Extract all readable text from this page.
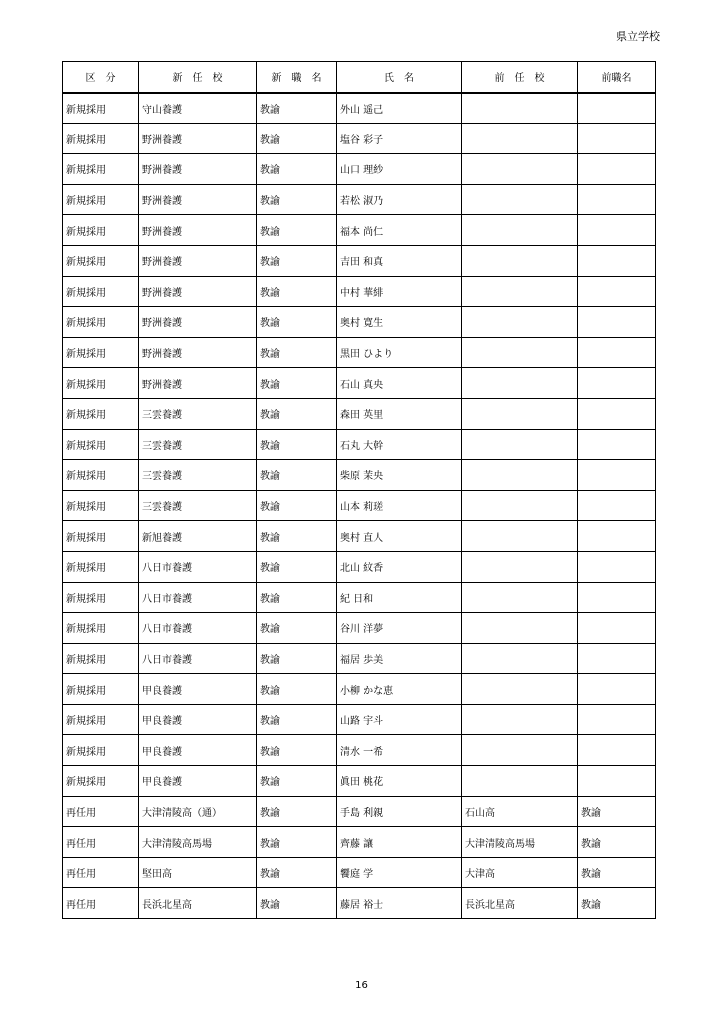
県立学校
区　分	新　任　校	新　職　名	氏　名	前　任　校	前職名
新規採用	守山養護	教諭	外山 遥己		
新規採用	野洲養護	教諭	塩谷 彩子		
新規採用	野洲養護	教諭	山口 理紗		
新規採用	野洲養護	教諭	若松 淑乃		
新規採用	野洲養護	教諭	福本 尚仁		
新規採用	野洲養護	教諭	吉田 和真		
新規採用	野洲養護	教諭	中村 華緋		
新規採用	野洲養護	教諭	奥村 寛生		
新規採用	野洲養護	教諭	黒田 ひより		
新規採用	野洲養護	教諭	石山 真央		
新規採用	三雲養護	教諭	森田 英里		
新規採用	三雲養護	教諭	石丸 大幹		
新規採用	三雲養護	教諭	柴原 茉央		
新規採用	三雲養護	教諭	山本 莉瑳		
新規採用	新旭養護	教諭	奥村 直人		
新規採用	八日市養護	教諭	北山 紋香		
新規採用	八日市養護	教諭	紀 日和		
新規採用	八日市養護	教諭	谷川 洋夢		
新規採用	八日市養護	教諭	福居 歩美		
新規採用	甲良養護	教諭	小柳 かな恵		
新規採用	甲良養護	教諭	山路 宇斗		
新規採用	甲良養護	教諭	清水 一希		
新規採用	甲良養護	教諭	眞田 桃花		
再任用	大津清陵高（通）	教諭	手島 利親	石山高	教諭
再任用	大津清陵高馬場	教諭	齊藤 讓	大津清陵高馬場	教諭
再任用	堅田高	教諭	饗庭 学	大津高	教諭
再任用	長浜北星高	教諭	藤居 裕士	長浜北星高	教諭
16
